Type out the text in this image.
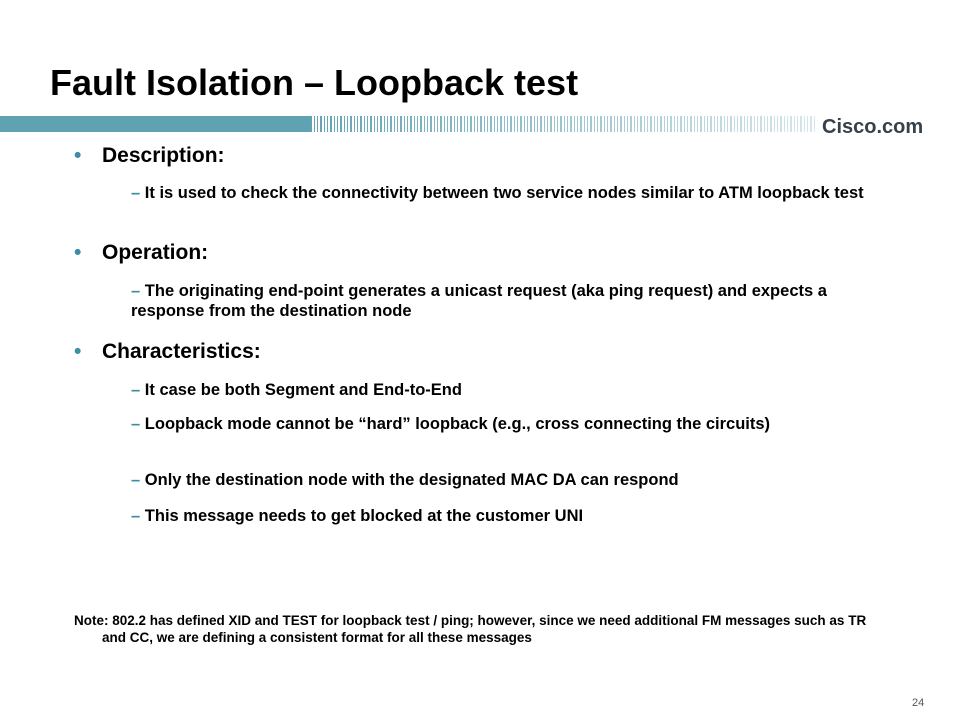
Fault Isolation – Loopback test
Cisco.com
• Description:
– It is used to check the connectivity between two service nodes similar to ATM loopback test
• Operation:
– The originating end-point generates a unicast request (aka ping request) and expects a response from the destination node
• Characteristics:
– It case be both Segment and End-to-End
– Loopback mode cannot be “hard” loopback (e.g., cross connecting the circuits)
– Only the destination node with the designated MAC DA can respond
– This message needs to get blocked at the customer UNI
Note: 802.2 has defined XID and TEST for loopback test / ping; however, since we need additional FM messages such as TR and CC, we are defining a consistent format for all these messages
24
